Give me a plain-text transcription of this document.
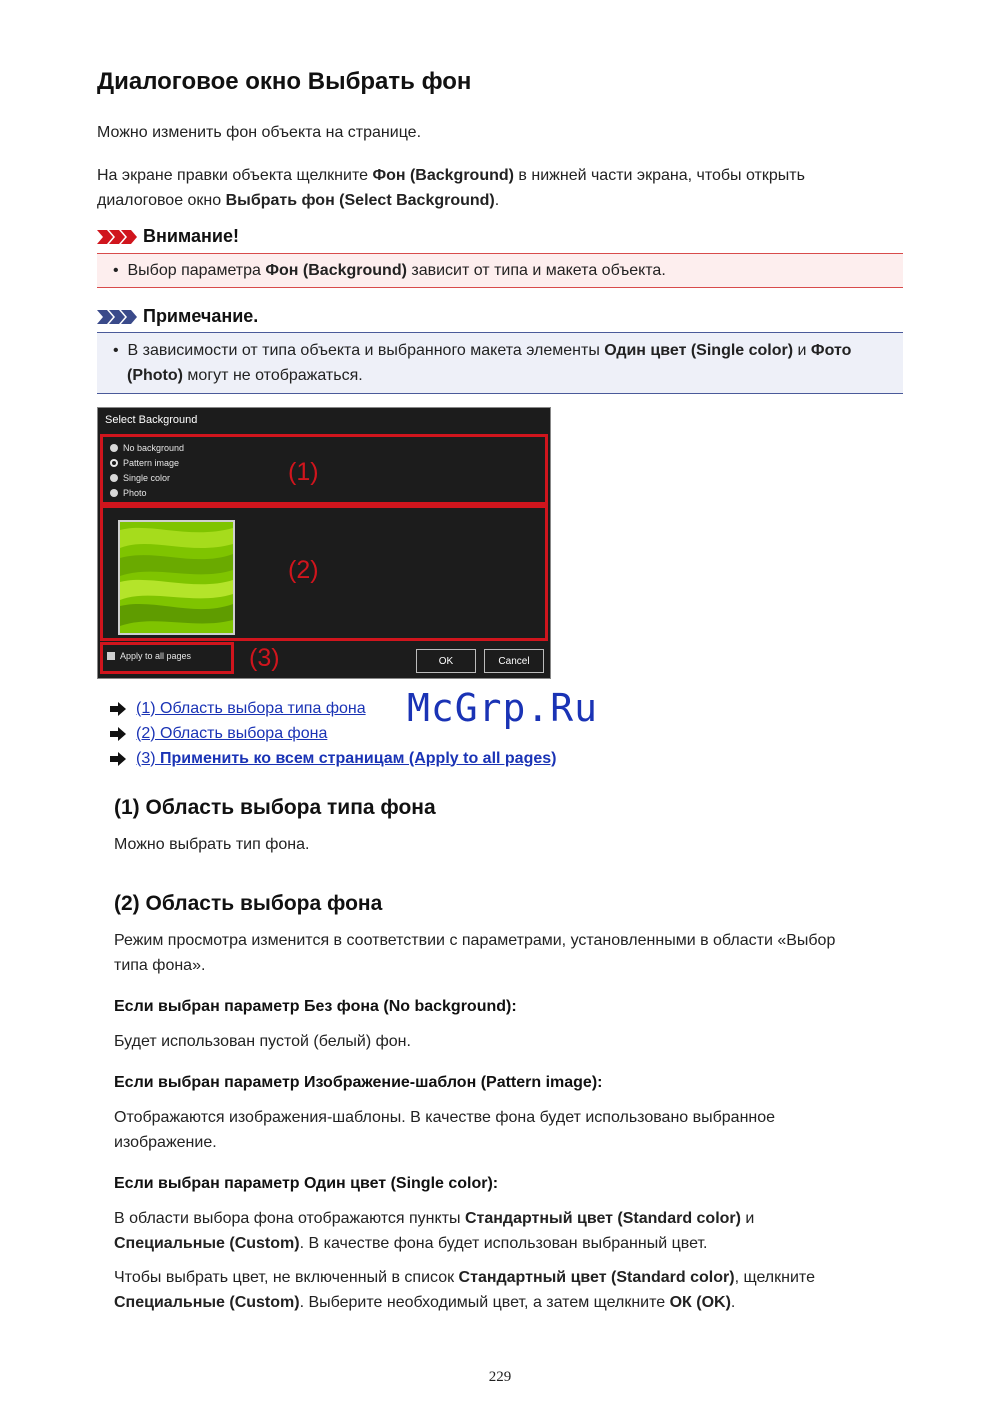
Диалоговое окно Выбрать фон
Можно изменить фон объекта на странице.
На экране правки объекта щелкните Фон (Background) в нижней части экрана, чтобы открыть
диалоговое окно Выбрать фон (Select Background).
Внимание!
•  Выбор параметра Фон (Background) зависит от типа и макета объекта.
Примечание.
•  В зависимости от типа объекта и выбранного макета элементы Один цвет (Single color) и Фото
(Photo) могут не отображаться.
Select Background
No background
Pattern image
Single color
Photo
(1)
(2)
Apply to all pages (3)	OK	Cancel
(1) Область выбора типа фона
(2) Область выбора фона
(3) Применить ко всем страницам (Apply to all pages)
McGrp.Ru
(1) Область выбора типа фона
Можно выбрать тип фона.
(2) Область выбора фона
Режим просмотра изменится в соответствии с параметрами, установленными в области «Выбор
типа фона».
Если выбран параметр Без фона (No background):
Будет использован пустой (белый) фон.
Если выбран параметр Изображение-шаблон (Pattern image):
Отображаются изображения-шаблоны. В качестве фона будет использовано выбранное
изображение.
Если выбран параметр Один цвет (Single color):
В области выбора фона отображаются пункты Стандартный цвет (Standard color) и
Специальные (Custom). В качестве фона будет использован выбранный цвет.
Чтобы выбрать цвет, не включенный в список Стандартный цвет (Standard color), щелкните
Специальные (Custom). Выберите необходимый цвет, а затем щелкните ОК (OK).
229
